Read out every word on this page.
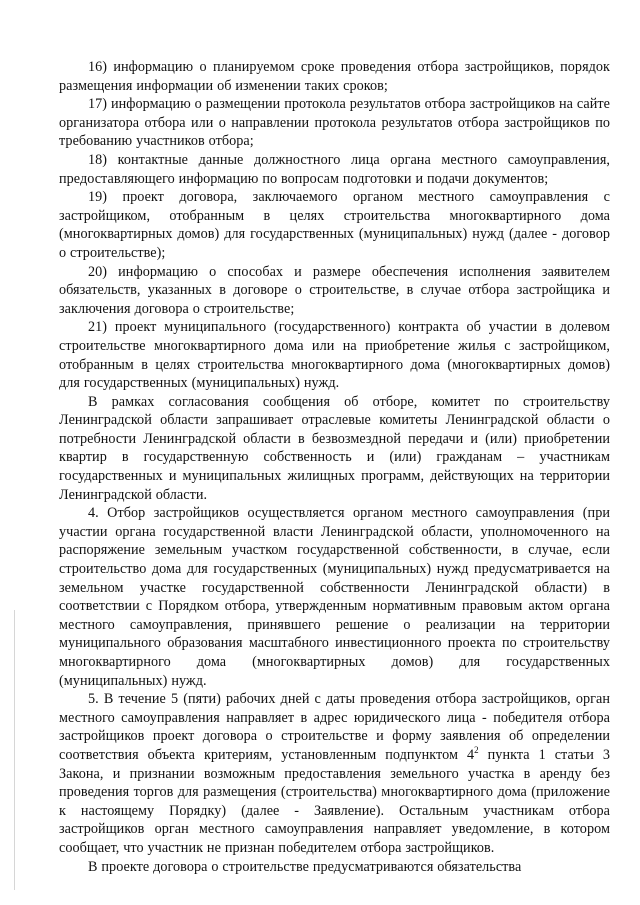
16) информацию о планируемом сроке проведения отбора застройщиков, порядок размещения информации об изменении таких сроков;

17) информацию о размещении протокола результатов отбора застройщиков на сайте организатора отбора или о направлении протокола результатов отбора застройщиков по требованию участников отбора;

18) контактные данные должностного лица органа местного самоуправления, предоставляющего информацию по вопросам подготовки и подачи документов;

19) проект договора, заключаемого органом местного самоуправления с застройщиком, отобранным в целях строительства многоквартирного дома (многоквартирных домов) для государственных (муниципальных) нужд (далее - договор о строительстве);

20) информацию о способах и размере обеспечения исполнения заявителем обязательств, указанных в договоре о строительстве, в случае отбора застройщика и заключения договора о строительстве;

21) проект муниципального (государственного) контракта об участии в долевом строительстве многоквартирного дома или на приобретение жилья с застройщиком, отобранным в целях строительства многоквартирного дома (многоквартирных домов) для государственных (муниципальных) нужд.

В рамках согласования сообщения об отборе, комитет по строительству Ленинградской области запрашивает отраслевые комитеты Ленинградской области о потребности Ленинградской области в безвозмездной передачи и (или) приобретении квартир в государственную собственность и (или) гражданам – участникам государственных и муниципальных жилищных программ, действующих на территории Ленинградской области.

4. Отбор застройщиков осуществляется органом местного самоуправления (при участии органа государственной власти Ленинградской области, уполномоченного на распоряжение земельным участком государственной собственности, в случае, если строительство дома для государственных (муниципальных) нужд предусматривается на земельном участке государственной собственности Ленинградской области) в соответствии с Порядком отбора, утвержденным нормативным правовым актом органа местного самоуправления, принявшего решение о реализации на территории муниципального образования масштабного инвестиционного проекта по строительству многоквартирного дома (многоквартирных домов) для государственных (муниципальных) нужд.

5. В течение 5 (пяти) рабочих дней с даты проведения отбора застройщиков, орган местного самоуправления направляет в адрес юридического лица - победителя отбора застройщиков проект договора о строительстве и форму заявления об определении соответствия объекта критериям, установленным подпунктом $4^2$ пункта 1 статьи 3 Закона, и признании возможным предоставления земельного участка в аренду без проведения торгов для размещения (строительства) многоквартирного дома (приложение к настоящему Порядку) (далее - Заявление). Остальным участникам отбора застройщиков орган местного самоуправления направляет уведомление, в котором сообщает, что участник не признан победителем отбора застройщиков.

В проекте договора о строительстве предусматриваются обязательства
